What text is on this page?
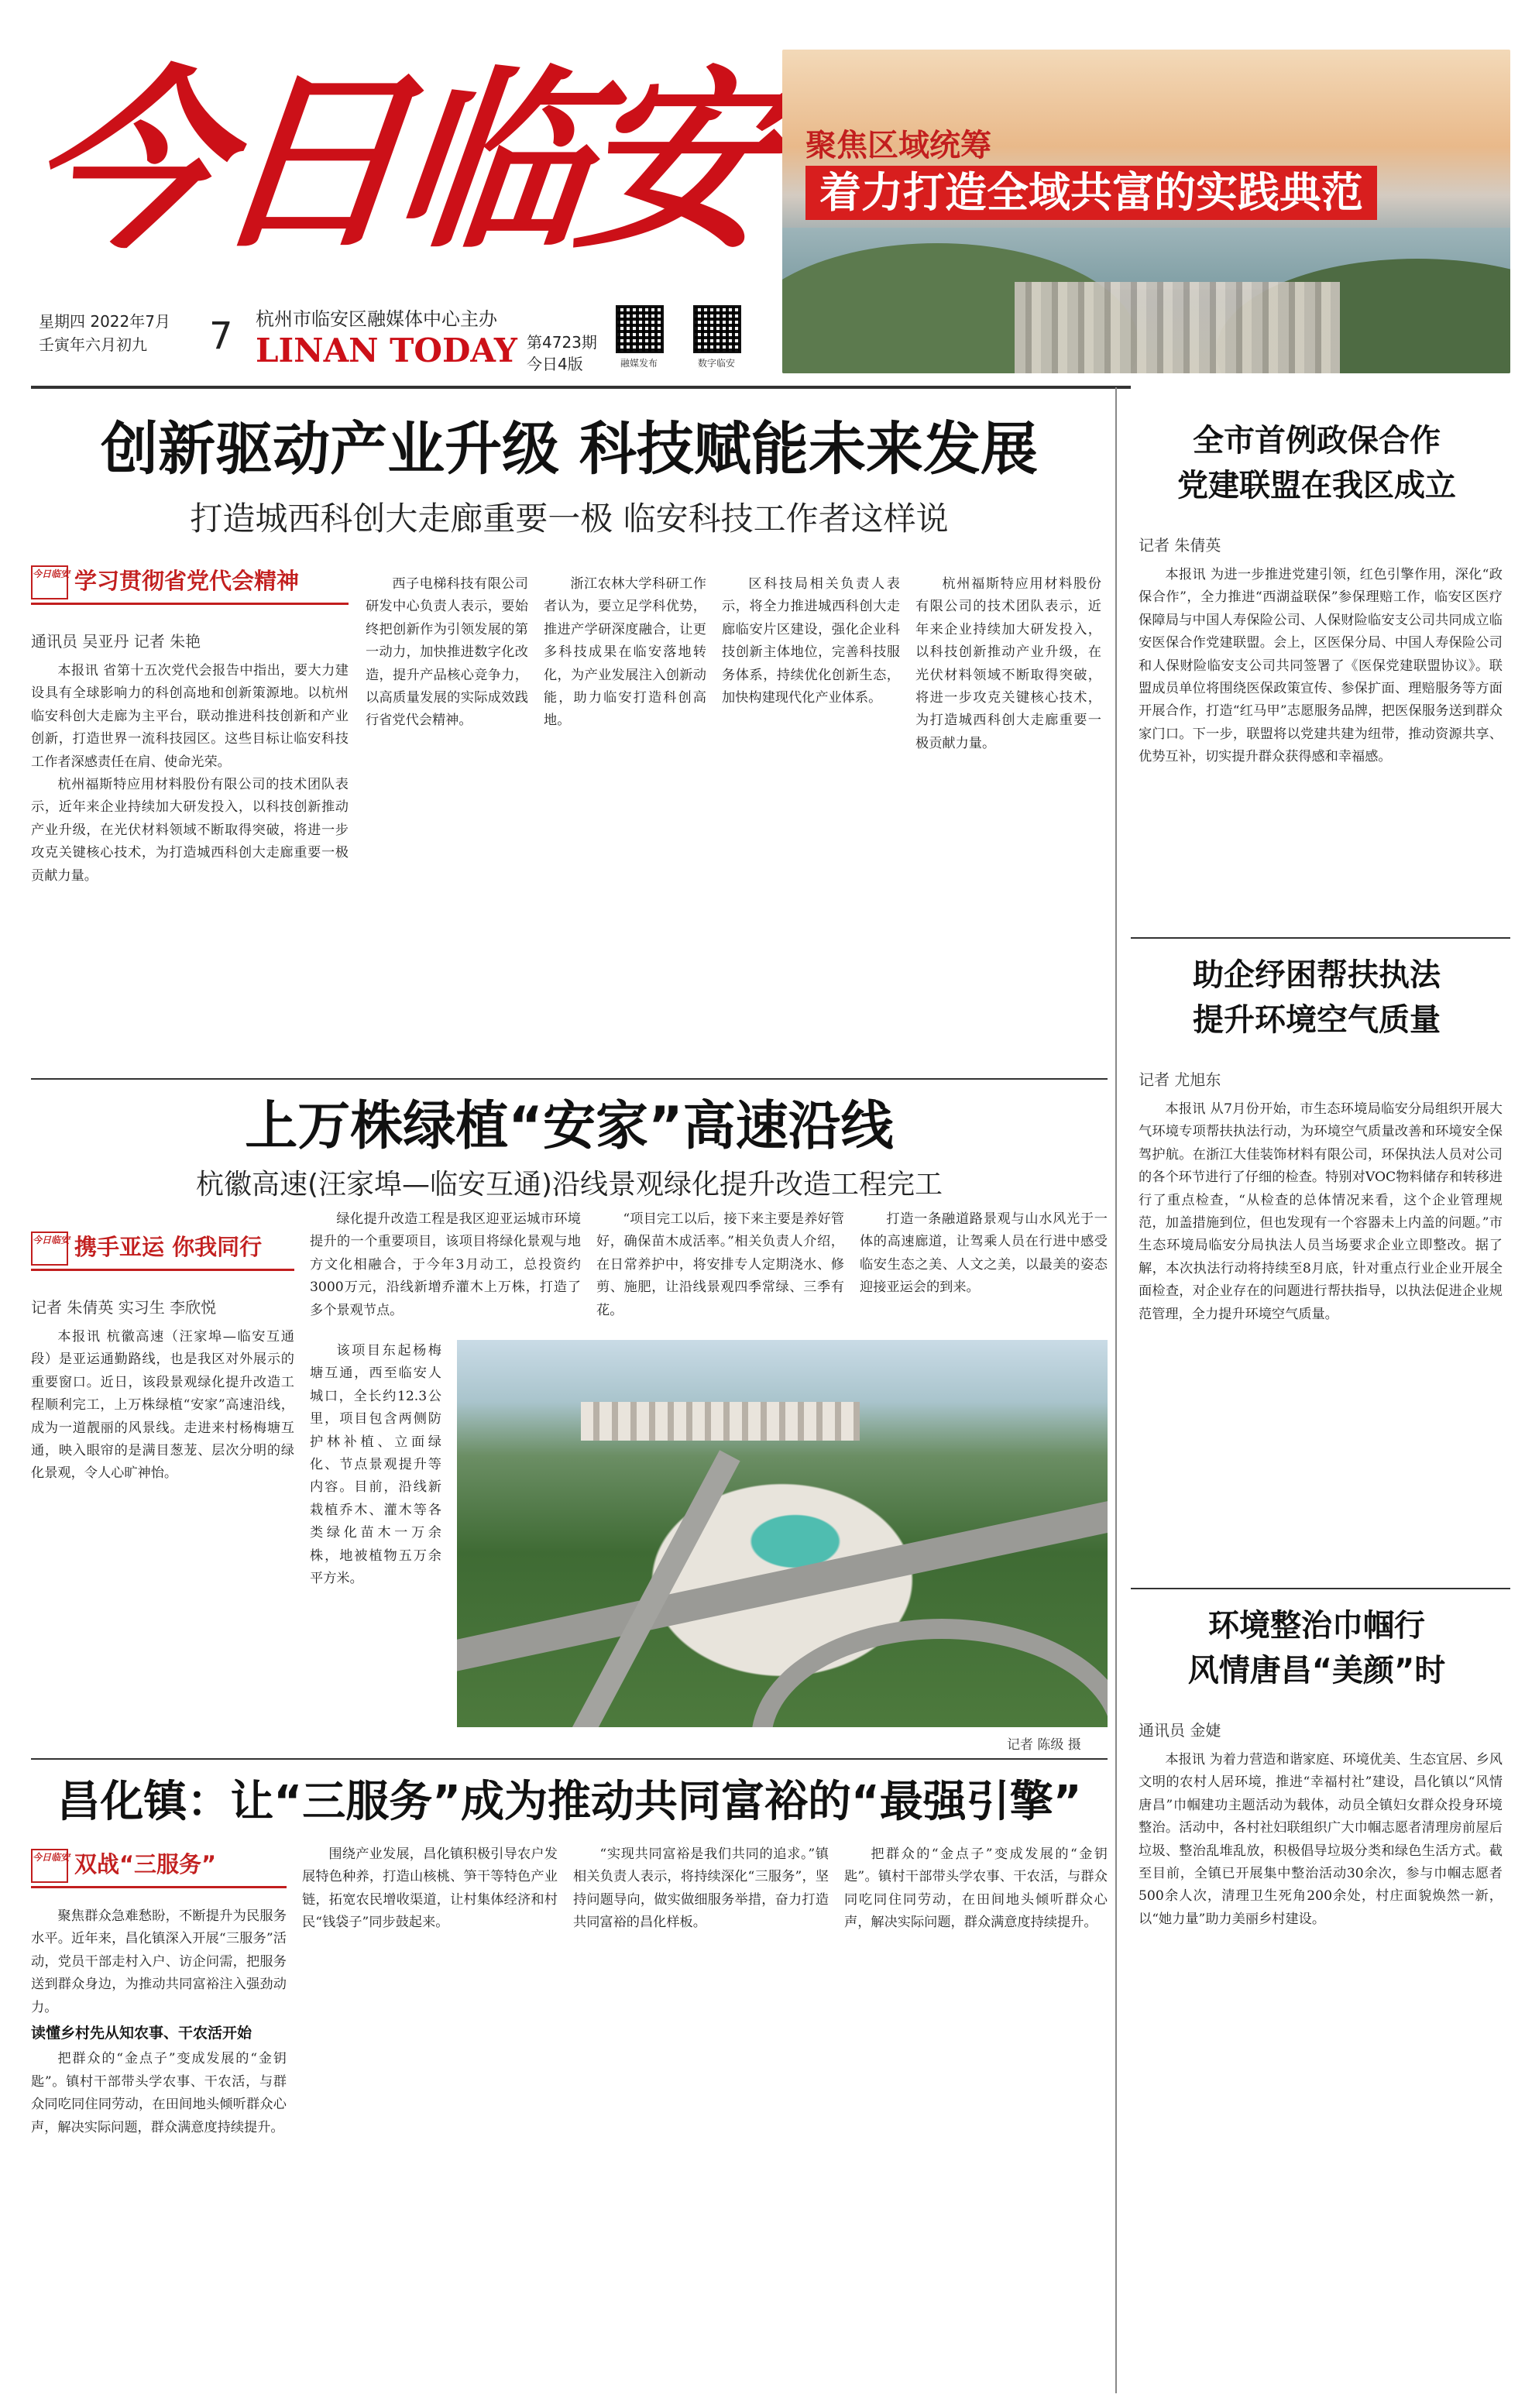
今日临安 聚焦区域统筹
着力打造全域共富的实践典范
星期四 2022年7月
壬寅年六月初九	7 杭州市临安区融媒体中心主办
LINAN TODAY 第4723期
今日4版	融媒发布	数字临安
创新驱动产业升级 科技赋能未来发展
打造城西科创大走廊重要一极 临安科技工作者这样说
今日临安 学习贯彻省党代会精神
通讯员 吴亚丹 记者 朱艳

本报讯 省第十五次党代会报告中指出，要大力建设具有全球影响力的科创高地和创新策源地。以杭州临安科创大走廊为主平台，联动推进科技创新和产业创新，打造世界一流科技园区。这些目标让临安科技工作者深感责任在肩、使命光荣。

杭州福斯特应用材料股份有限公司的技术团队表示，近年来企业持续加大研发投入，以科技创新推动产业升级，在光伏材料领域不断取得突破，将进一步攻克关键核心技术，为打造城西科创大走廊重要一极贡献力量。

西子电梯科技有限公司研发中心负责人表示，要始终把创新作为引领发展的第一动力，加快推进数字化改造，提升产品核心竞争力，以高质量发展的实际成效践行省党代会精神。

浙江农林大学科研工作者认为，要立足学科优势，推进产学研深度融合，让更多科技成果在临安落地转化，为产业发展注入创新动能，助力临安打造科创高地。

区科技局相关负责人表示，将全力推进城西科创大走廊临安片区建设，强化企业科技创新主体地位，完善科技服务体系，持续优化创新生态，加快构建现代化产业体系。

杭州福斯特应用材料股份有限公司的技术团队表示，近年来企业持续加大研发投入，以科技创新推动产业升级，在光伏材料领域不断取得突破，将进一步攻克关键核心技术，为打造城西科创大走廊重要一极贡献力量。

上万株绿植“安家”高速沿线
杭徽高速(汪家埠—临安互通)沿线景观绿化提升改造工程完工
今日临安 携手亚运 你我同行
记者 朱倩英 实习生 李欣悦

本报讯 杭徽高速（汪家埠—临安互通段）是亚运通勤路线，也是我区对外展示的重要窗口。近日，该段景观绿化提升改造工程顺利完工，上万株绿植“安家”高速沿线，成为一道靓丽的风景线。走进来村杨梅塘互通，映入眼帘的是满目葱茏、层次分明的绿化景观，令人心旷神怡。

绿化提升改造工程是我区迎亚运城市环境提升的一个重要项目，该项目将绿化景观与地方文化相融合，于今年3月动工，总投资约3000万元，沿线新增乔灌木上万株，打造了多个景观节点。

“项目完工以后，接下来主要是养好管好，确保苗木成活率。”相关负责人介绍，在日常养护中，将安排专人定期浇水、修剪、施肥，让沿线景观四季常绿、三季有花。

打造一条融道路景观与山水风光于一体的高速廊道，让驾乘人员在行进中感受临安生态之美、人文之美，以最美的姿态迎接亚运会的到来。

该项目东起杨梅塘互通，西至临安人城口，全长约12.3公里，项目包含两侧防护林补植、立面绿化、节点景观提升等内容。目前，沿线新栽植乔木、灌木等各类绿化苗木一万余株，地被植物五万余平方米。

记者 陈级 摄
昌化镇：让“三服务”成为推动共同富裕的“最强引擎”
今日临安 双战“三服务”

聚焦群众急难愁盼，不断提升为民服务水平。近年来，昌化镇深入开展“三服务”活动，党员干部走村入户、访企问需，把服务送到群众身边，为推动共同富裕注入强劲动力。

读懂乡村先从知农事、干农活开始

把群众的“金点子”变成发展的“金钥匙”。镇村干部带头学农事、干农活，与群众同吃同住同劳动，在田间地头倾听群众心声，解决实际问题，群众满意度持续提升。

围绕产业发展，昌化镇积极引导农户发展特色种养，打造山核桃、笋干等特色产业链，拓宽农民增收渠道，让村集体经济和村民“钱袋子”同步鼓起来。

“实现共同富裕是我们共同的追求。”镇相关负责人表示，将持续深化“三服务”，坚持问题导向，做实做细服务举措，奋力打造共同富裕的昌化样板。

把群众的“金点子”变成发展的“金钥匙”。镇村干部带头学农事、干农活，与群众同吃同住同劳动，在田间地头倾听群众心声，解决实际问题，群众满意度持续提升。

全市首例政保合作
党建联盟在我区成立
记者 朱倩英

本报讯 为进一步推进党建引领，红色引擎作用，深化“政保合作”，全力推进“西湖益联保”参保理赔工作，临安区医疗保障局与中国人寿保险公司、人保财险临安支公司共同成立临安医保合作党建联盟。会上，区医保分局、中国人寿保险公司和人保财险临安支公司共同签署了《医保党建联盟协议》。联盟成员单位将围绕医保政策宣传、参保扩面、理赔服务等方面开展合作，打造“红马甲”志愿服务品牌，把医保服务送到群众家门口。下一步，联盟将以党建共建为纽带，推动资源共享、优势互补，切实提升群众获得感和幸福感。

助企纾困帮扶执法
提升环境空气质量
记者 尤旭东

本报讯 从7月份开始，市生态环境局临安分局组织开展大气环境专项帮扶执法行动，为环境空气质量改善和环境安全保驾护航。在浙江大佳装饰材料有限公司，环保执法人员对公司的各个环节进行了仔细的检查。特别对VOC物料储存和转移进行了重点检查，“从检查的总体情况来看，这个企业管理规范，加盖措施到位，但也发现有一个容器未上内盖的问题。”市生态环境局临安分局执法人员当场要求企业立即整改。据了解，本次执法行动将持续至8月底，针对重点行业企业开展全面检查，对企业存在的问题进行帮扶指导，以执法促进企业规范管理，全力提升环境空气质量。

环境整治巾帼行
风情唐昌“美颜”时
通讯员 金婕

本报讯 为着力营造和谐家庭、环境优美、生态宜居、乡风文明的农村人居环境，推进“幸福村社”建设，昌化镇以“风情唐昌”巾帼建功主题活动为载体，动员全镇妇女群众投身环境整治。活动中，各村社妇联组织广大巾帼志愿者清理房前屋后垃圾、整治乱堆乱放，积极倡导垃圾分类和绿色生活方式。截至目前，全镇已开展集中整治活动30余次，参与巾帼志愿者500余人次，清理卫生死角200余处，村庄面貌焕然一新，以“她力量”助力美丽乡村建设。
